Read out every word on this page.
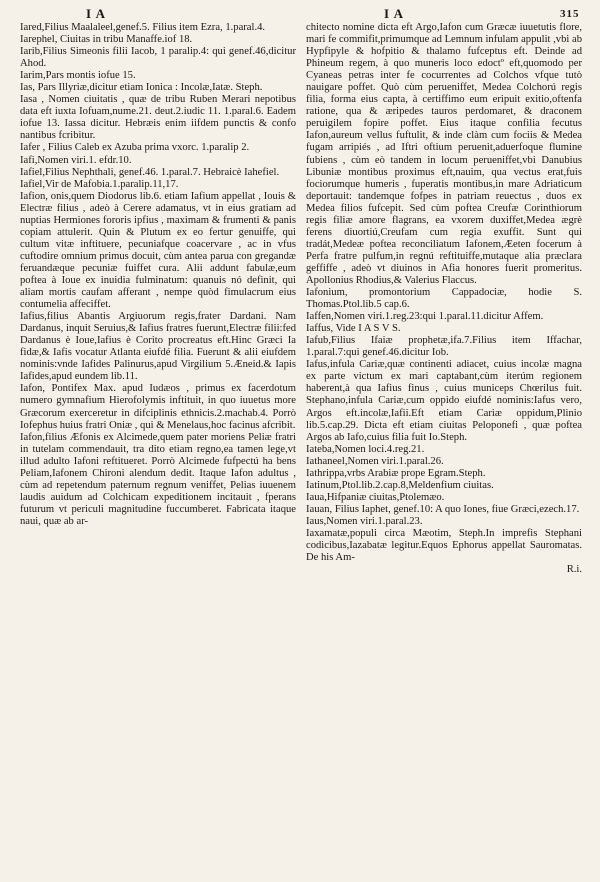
I A	I A	315

Iared,Filius Maalaleel,genef.5. Filius item Ezra, 1.paral.4.

Iarephel, Ciuitas in tribu Manaffe.iof 18.

Iarib,Filius Simeonis filii Iacob, 1 paralip.4: qui genef.46,dicitur Ahod.

Iarim,Pars montis iofue 15.

Ias, Pars Illyriæ,dicitur etiam Ionica : Incolæ,Iatæ. Steph.

Iasa , Nomen ciuitatis , quæ de tribu Ruben Merari nepotibus data eft iuxta Iofuam,nume.21. deut.2.iudic 11. 1.paral.6. Eadem iofue 13. Iassa dicitur. Hebræis enim iifdem punctis & confo nantibus fcribitur.

Iafer , Filius Caleb ex Azuba prima vxorc. 1.paralip 2.

Iafi,Nomen viri.1. efdr.10.

Iafiel,Filius Nephthali, genef.46. 1.paral.7. Hebraicè Iahefiel.

Iafiel,Vir de Mafobia.1.paralip.11,17.

Iafion, onis,quem Diodorus lib.6. etiam Iafium appellat , Iouis & Electræ filius , adeò à Cerere adamatus, vt in eius gratiam ad nuptias Hermiones fororis ipfius , maximam & frumenti & panis copiam attulerit. Quin & Plutum ex eo fertur genuiffe, qui cultum vitæ inftituere, pecuniafque coacervare , ac in vfus cuftodire omnium primus docuit, cùm antea parua con gregandæ feruandæque pecuniæ fuiffet cura. Alii addunt fabulæ,eum poftea à Ioue ex inuidia fulminatum: quanuis nó definit, qui aliam mortis caufam afferant , nempe quòd fimulacrum eius contumelia affeciffet.

Iafius,filius Abantis Argiuorum regis,frater Dardani. Nam Dardanus, inquit Seruius,& Iafius fratres fuerunt,Electræ filii:fed Dardanus è Ioue,Iafius è Corito procreatus eft.Hinc Græci Ia fidæ,& Iafis vocatur Atlanta eiufdé filia. Fuerunt & alii eiufdem nominis:vnde Iafides Palinurus,apud Virgilium 5.Æneid.& Iapis Iafides,apud eundem lib.11.

Iafon, Pontifex Max. apud Iudæos , primus ex facerdotum numero gymnafium Hierofolymis inftituit, in quo iuuetus more Græcorum exerceretur in difciplinis ethnicis.2.machab.4. Porrò Iofephus huius fratri Oniæ , qui & Menelaus,hoc facinus afcribit.

Iafon,filius Æfonis ex Alcimede,quem pater moriens Peliæ fratri in tutelam commendauit, tra dito etiam regno,ea tamen lege,vt illud adulto Iafoni reftitueret. Porrò Alcimede fufpectú ha bens Peliam,Iafonem Chironi alendum dedit. Itaque Iafon adultus , cùm ad repetendum paternum regnum veniffet, Pelias iuuenem laudis auidum ad Colchicam expeditionem incitauit , fperans futurum vt periculi magnitudine fuccumberet. Fabricata itaque naui, quæ ab ar-

chitecto nomine dicta eft Argo,Iafon cum Græcæ iuuetutis flore, mari fe commifit,primumque ad Lemnum infulam appulit ,vbi ab Hypfipyle & hofpitio & thalamo fufceptus eft. Deinde ad Phineum regem, à quo muneris loco edoctº eft,quomodo per Cyaneas petras inter fe cocurrentes ad Colchos vfque tutò nauigare poffet. Quò cùm perueniffet, Medea Colchorú regis filia, forma eius capta, à certiffimo eum eripuit exitio,oftenfa ratione, qua & æripedes tauros perdomaret, & draconem peruigilem fopire poffet. Eius itaque confilia fecutus Iafon,aureum vellus fuftulit, & inde clàm cum fociis & Medea fugam arripiés , ad Iftri oftium peruenit,aduerfoque flumine fubiens , cùm eò tandem in locum perueniffet,vbi Danubius Libuniæ montibus proximus eft,nauim, qua vectus erat,fuis fociorumque humeris , fuperatis montibus,in mare Adriaticum deportauit: tandemque fofpes in patriam reuectus , duos ex Medea filios fufcepit. Sed cùm poftea Creufæ Corinthiorum regis filiæ amore flagrans, ea vxorem duxiffet,Medea ægrè ferens diuortiú,Creufam cum regia exuffit. Sunt qui tradát,Medeæ poftea reconciliatum Iafonem,Æeten focerum à Perfa fratre pulfum,in regnú reftituiffe,mutaque alia præclara geffiffe , adeò vt diuinos in Afia honores fuerit promeritus. Apollonius Rhodius,& Valerius Flaccus.

Iafonium, promontorium Cappadociæ, hodie S. Thomas.Ptol.lib.5 cap.6.

Iaffen,Nomen viri.1.reg.23:qui 1.paral.11.dicitur Affem.

Iaffus, Vide I A S V S.

Iafub,Filius Ifaiæ prophetæ,ifa.7.Filius item Iffachar, 1.paral.7:qui genef.46.dicitur Iob.

Iafus,infula Cariæ,quæ continenti adiacet, cuius incolæ magna ex parte victum ex mari captabant,cùm iterúm regionem haberent,à qua Iafius finus , cuius municeps Chœrilus fuit. Stephano,infula Cariæ,cum oppido eiufdé nominis:Iafus vero, Argos eft.incolæ,Iafii.Eft etiam Cariæ oppidum,Plinio lib.5.cap.29. Dicta eft etiam ciuitas Peloponefi , quæ poftea Argos ab Iafo,cuius filia fuit Io.Steph.

Iateba,Nomen loci.4.reg.21.

Iathaneel,Nomen viri.1.paral.26.

Iathrippa,vrbs Arabiæ prope Egram.Steph.

Iatinum,Ptol.lib.2.cap.8,Meldenfium ciuitas.

Iaua,Hifpaniæ ciuitas,Ptolemæo.

Iauan, Filius Iaphet, genef.10: A quo Iones, fiue Græci,ezech.17.

Iaus,Nomen viri.1.paral.23.

Iaxamatæ,populi circa Mæotim, Steph.In imprefis Stephani codicibus,Iazabatæ legitur.Equos Ephorus appellat Sauromatas. De his Am-

R.i.
